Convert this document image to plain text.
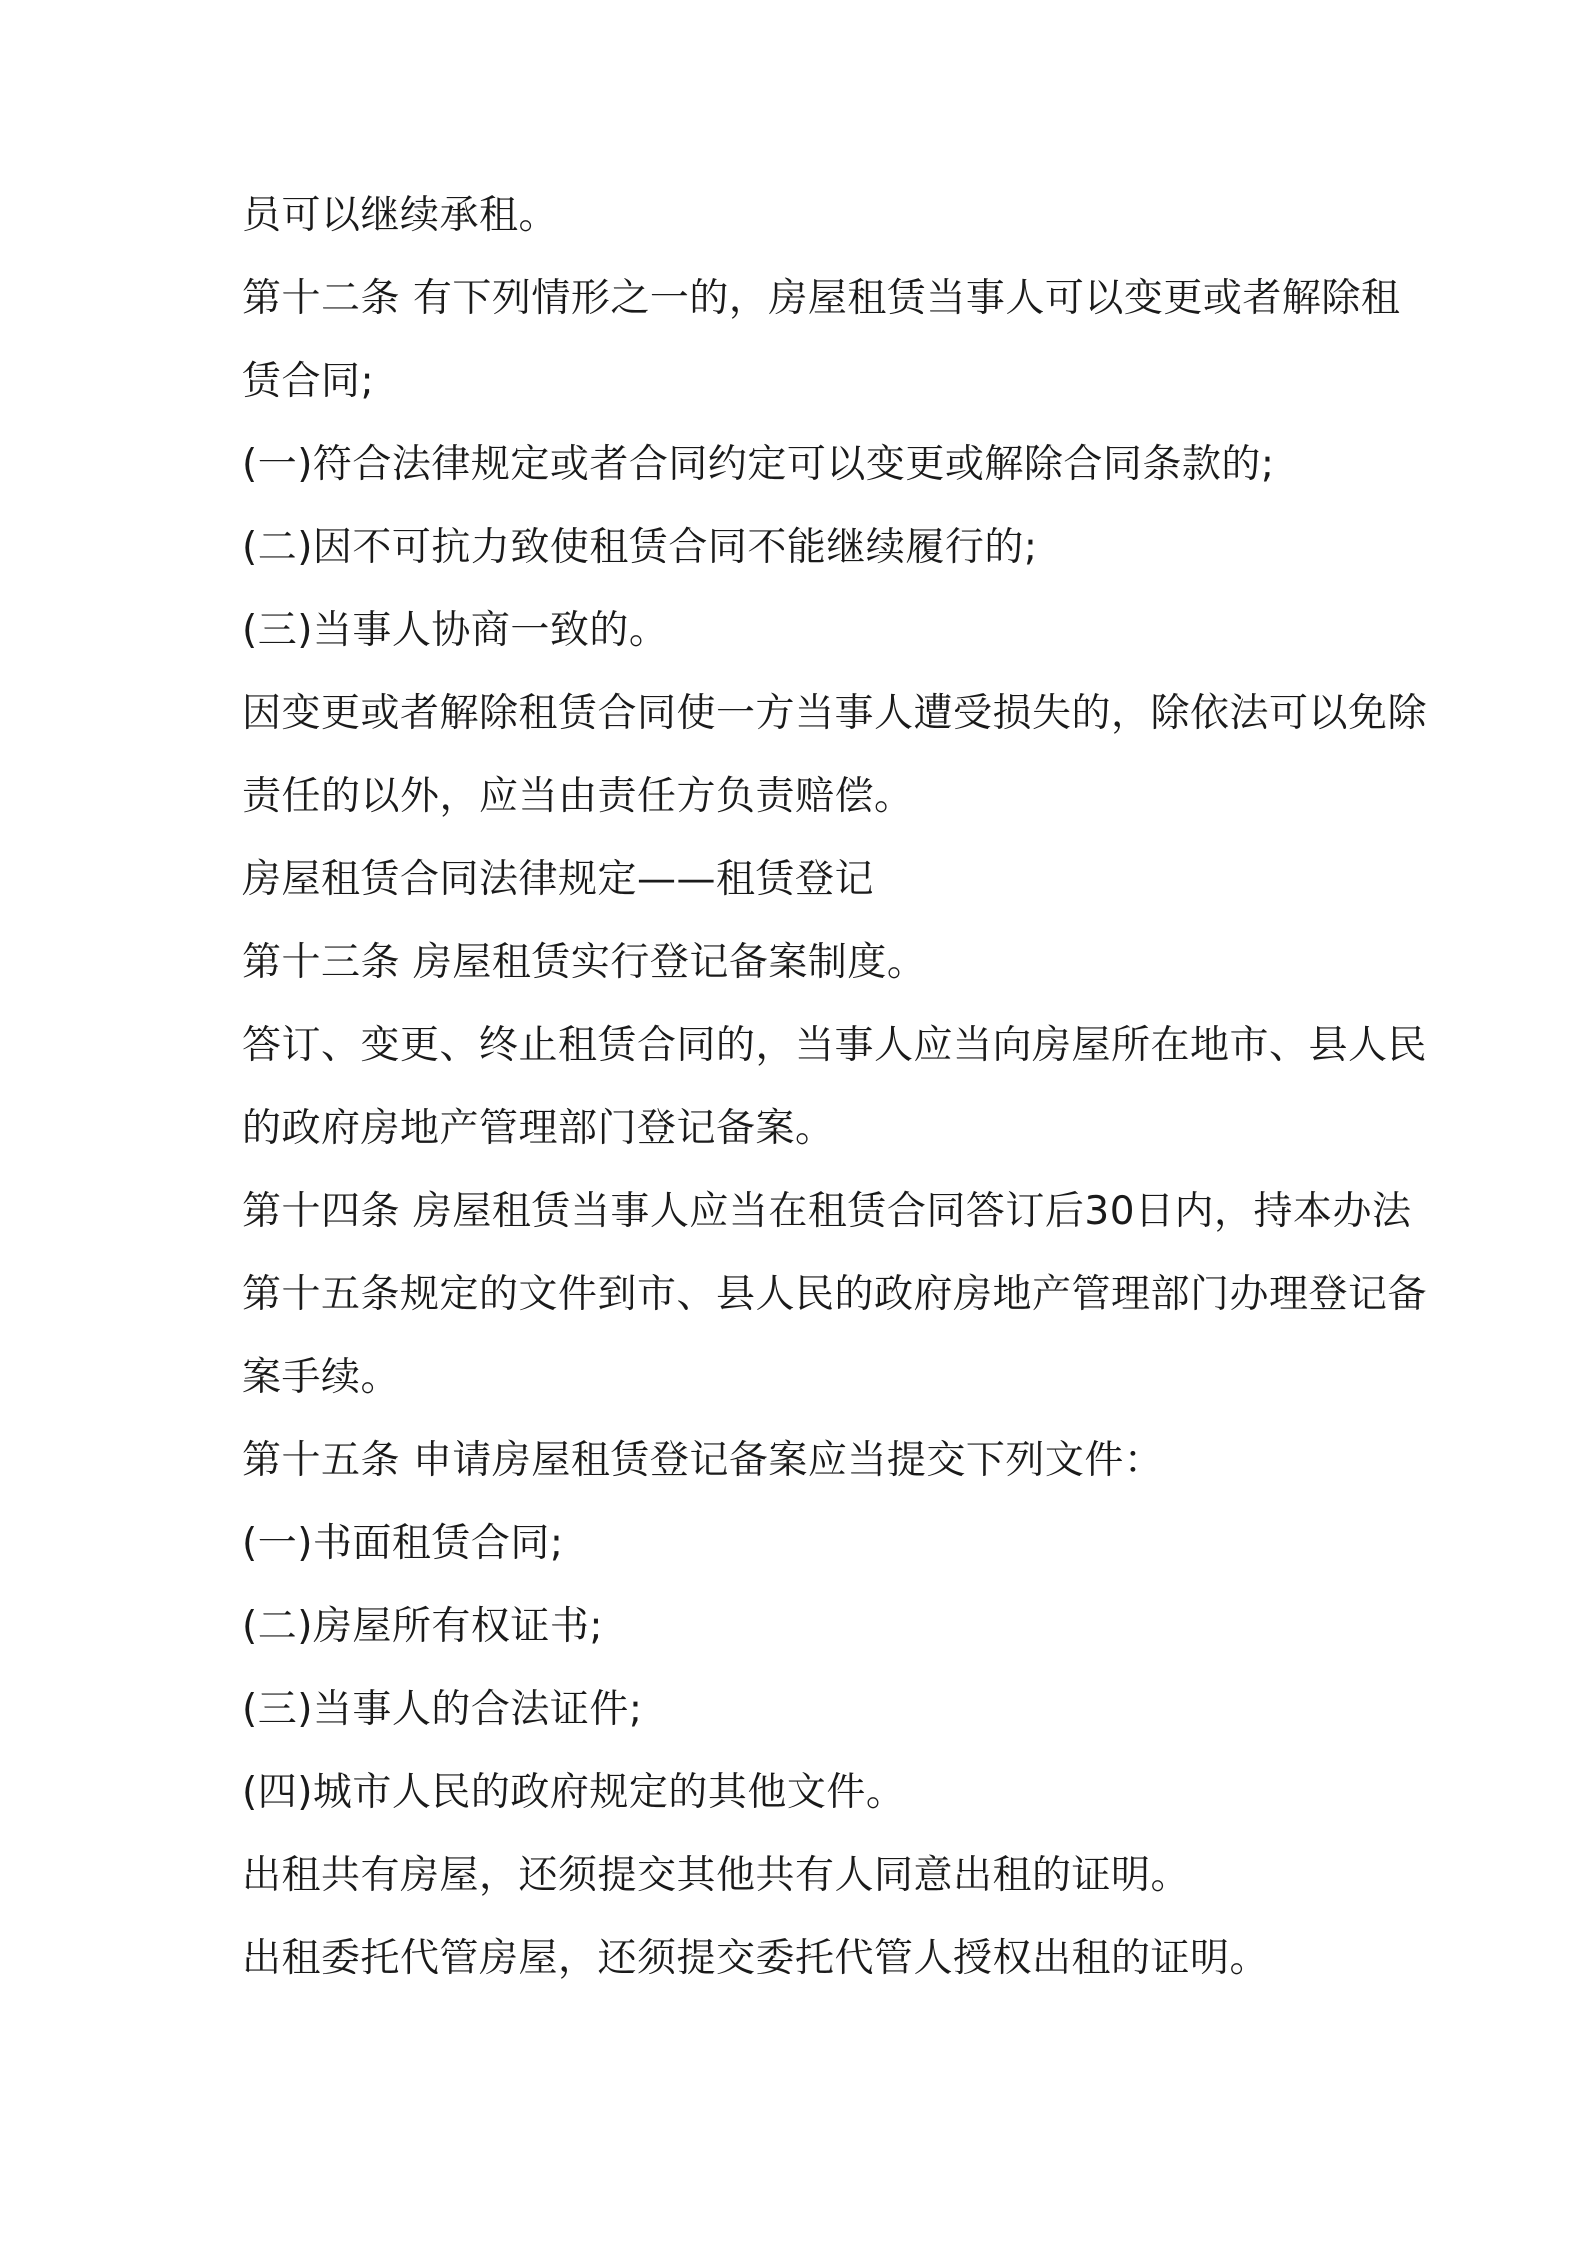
员可以继续承租。
第十二条 有下列情形之一的，房屋租赁当事人可以变更或者解除租
赁合同;
(一)符合法律规定或者合同约定可以变更或解除合同条款的;
(二)因不可抗力致使租赁合同不能继续履行的;
(三)当事人协商一致的。
因变更或者解除租赁合同使一方当事人遭受损失的，除依法可以免除
责任的以外，应当由责任方负责赔偿。
房屋租赁合同法律规定——租赁登记
第十三条 房屋租赁实行登记备案制度。
答订、变更、终止租赁合同的，当事人应当向房屋所在地市、县人民
的政府房地产管理部门登记备案。
第十四条 房屋租赁当事人应当在租赁合同答订后30日内，持本办法
第十五条规定的文件到市、县人民的政府房地产管理部门办理登记备
案手续。
第十五条 申请房屋租赁登记备案应当提交下列文件：
(一)书面租赁合同;
(二)房屋所有权证书;
(三)当事人的合法证件;
(四)城市人民的政府规定的其他文件。
出租共有房屋，还须提交其他共有人同意出租的证明。
出租委托代管房屋，还须提交委托代管人授权出租的证明。
